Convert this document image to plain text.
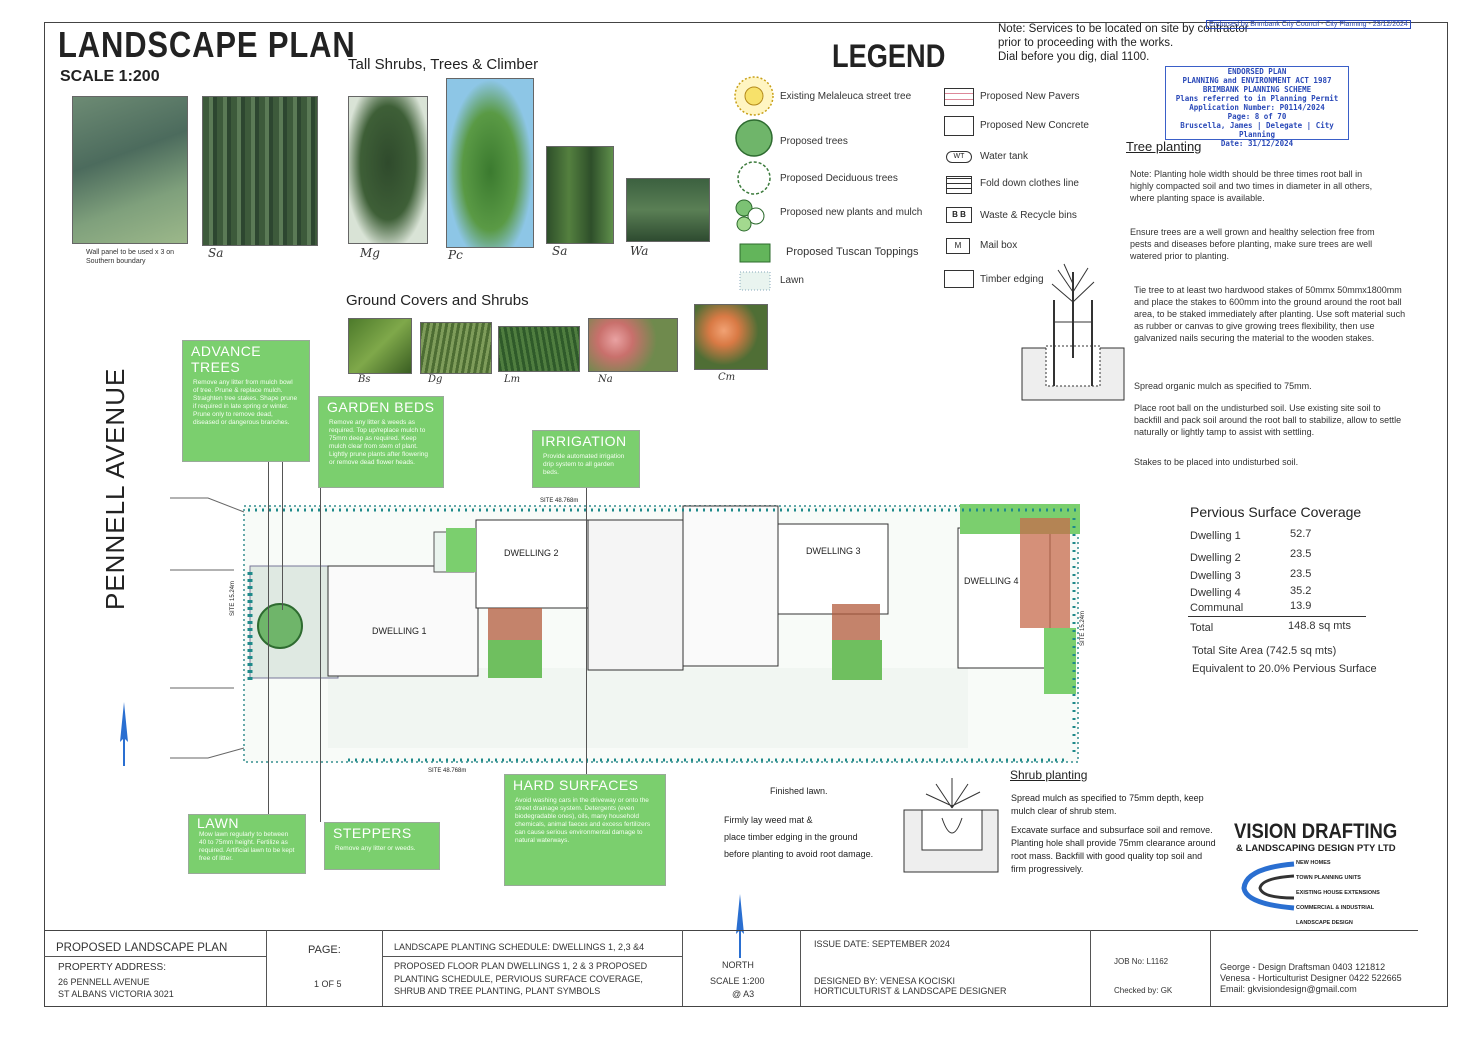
LANDSCAPE PLAN
SCALE 1:200
Tall Shrubs, Trees & Climber	LEGEND
Note: Services to be located on site by contractor
prior to proceeding with the works.
Dial before you dig, dial 1100.
Endorsed by Brimbank City Council - City Planning - 23/12/2024
Wall panel to be used x 3 on Southern boundary
Sa	Mg	Pc	Sa	Wa
Ground Covers and Shrubs
Bs	Dg	Lm	Na	Cm
Existing Melaleuca street tree
Proposed trees
Proposed Deciduous trees
Proposed new plants and mulch
Proposed Tuscan Toppings
Lawn
Proposed New Pavers
Proposed New Concrete
WT	Water tank
Fold down clothes line
B B	Waste & Recycle bins
M	Mail box
Timber edging
ENDORSED PLAN
PLANNING and ENVIRONMENT ACT 1987
BRIMBANK PLANNING SCHEME
Plans referred to in Planning Permit
Application Number: P0114/2024
Page: 8 of 70
Bruscella, James | Delegate | City Planning
Date: 31/12/2024
Tree planting
Note: Planting hole width should be three times root ball in highly compacted soil and two times in diameter in all others, where planting space is available.
Ensure trees are a well grown and healthy selection free from pests and diseases before planting, make sure trees are well watered prior to planting.
Tie tree to at least two hardwood stakes of 50mmx 50mmx1800mm and place the stakes to 600mm into the ground around the root ball area, to be staked immediately after planting. Use soft material such as rubber or canvas to give growing trees flexibility, then use galvanized nails securing the material to the wooden stakes.
Spread organic mulch as specified to 75mm.
Place root ball on the undisturbed soil. Use existing site soil to backfill and pack soil around the root ball to stabilize, allow to settle naturally or lightly tamp to assist with settling.
Stakes to be placed into undisturbed soil.
Pervious Surface Coverage
Dwelling 1	52.7
Dwelling 2	23.5
Dwelling 3	23.5
Dwelling 4	35.2
Communal	13.9
Total	148.8 sq mts
Total Site Area (742.5 sq mts)
Equivalent to 20.0% Pervious Surface
PENNELL AVENUE	DWELLING 2
DWELLING 1
DWELLING 3
DWELLING 4
SITE 48.768m
SITE 48.768m
SITE 15.24m
SITE 15.24m
ADVANCE TREES
Remove any litter from mulch bowl of tree. Prune & replace mulch. Straighten tree stakes. Shape prune if required in late spring or winter. Prune only to remove dead, diseased or dangerous branches.
GARDEN BEDS
Remove any litter & weeds as required. Top up/replace mulch to 75mm deep as required. Keep mulch clear from stem of plant. Lightly prune plants after flowering or remove dead flower heads.
IRRIGATION
Provide automated irrigation drip system to all garden beds.
HARD SURFACES
Avoid washing cars in the driveway or onto the street drainage system. Detergents (even biodegradable ones), oils, many household chemicals, animal faeces and excess fertilizers can cause serious environmental damage to natural waterways.
LAWN
Mow lawn regularly to between 40 to 75mm height. Fertilize as required. Artificial lawn to be kept free of litter.
STEPPERS
Remove any litter or weeds.
Shrub planting
Finished lawn.
Firmly lay weed mat &
place timber edging in the ground
before planting to avoid root damage.
Spread mulch as specified to 75mm depth, keep
mulch clear of shrub stem.
Excavate surface and subsurface soil and remove.
Planting hole shall provide 75mm clearance around
root mass. Backfill with good quality top soil and
firm progressively.
VISION DRAFTING
& LANDSCAPING DESIGN PTY LTD
NEW HOMES
TOWN PLANNING UNITS
EXISTING HOUSE EXTENSIONS
COMMERCIAL & INDUSTRIAL
LANDSCAPE DESIGN
PROPOSED LANDSCAPE PLAN
PROPERTY ADDRESS:
26 PENNELL AVENUE
ST ALBANS VICTORIA 3021
PAGE:
1 OF 5
LANDSCAPE PLANTING SCHEDULE: DWELLINGS 1, 2,3 &4
PROPOSED FLOOR PLAN DWELLINGS 1, 2 & 3 PROPOSED
PLANTING SCHEDULE, PERVIOUS SURFACE COVERAGE,
SHRUB AND TREE PLANTING, PLANT SYMBOLS
NORTH
SCALE 1:200
@ A3
ISSUE DATE: SEPTEMBER 2024
DESIGNED BY: VENESA KOCISKI
HORTICULTURIST & LANDSCAPE DESIGNER
JOB No: L1162
Checked by: GK
George - Design Draftsman 0403 121812
Venesa - Horticulturist Designer 0422 522665
Email: gkvisiondesign@gmail.com
